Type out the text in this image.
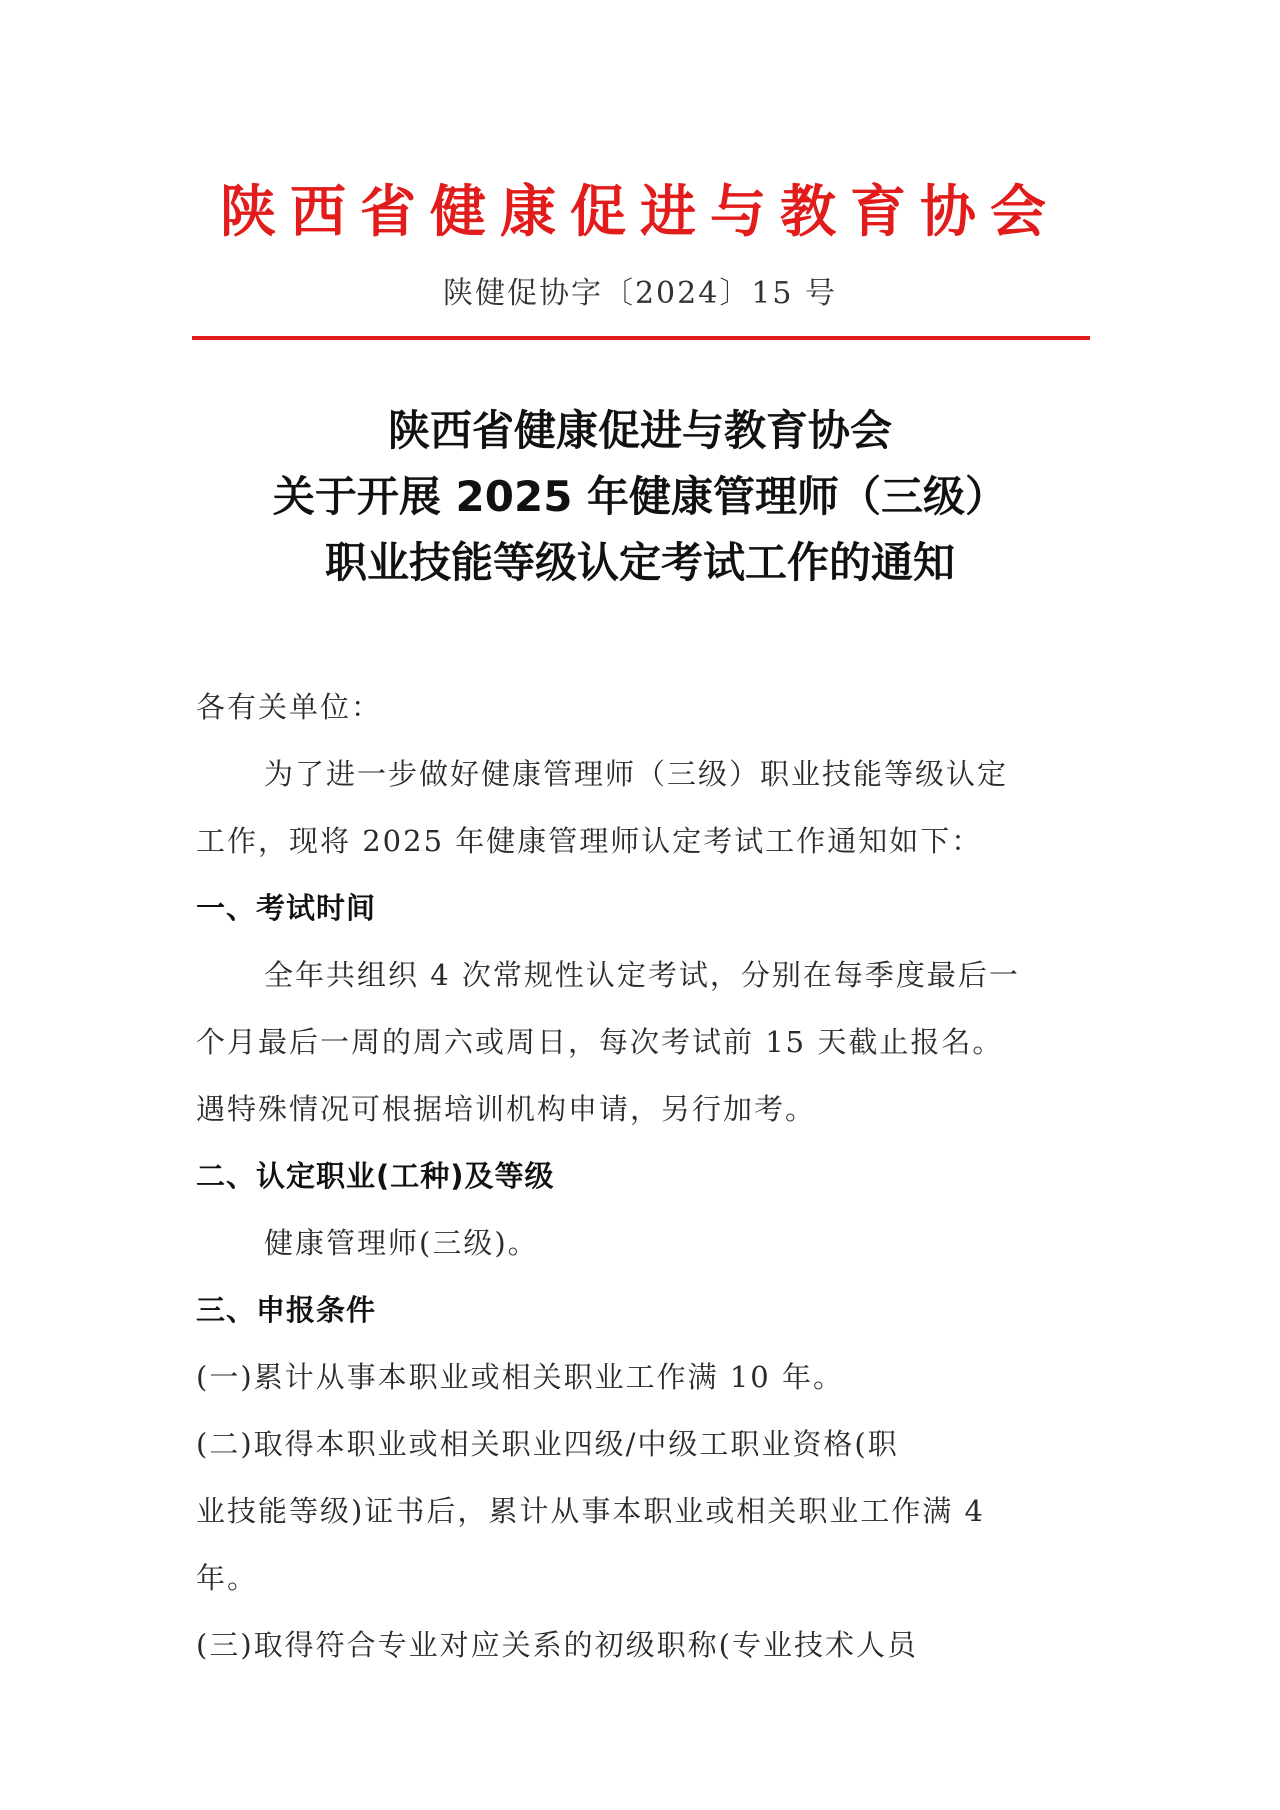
陕西省健康促进与教育协会
陕健促协字〔2024〕15 号
陕西省健康促进与教育协会
关于开展 2025 年健康管理师（三级）
职业技能等级认定考试工作的通知
各有关单位：
为了进一步做好健康管理师（三级）职业技能等级认定
工作，现将 2025 年健康管理师认定考试工作通知如下：
一、考试时间
全年共组织 4 次常规性认定考试，分别在每季度最后一
个月最后一周的周六或周日，每次考试前 15 天截止报名。
遇特殊情况可根据培训机构申请，另行加考。
二、认定职业(工种)及等级
健康管理师(三级)。
三、申报条件
(一)累计从事本职业或相关职业工作满 10 年。
(二)取得本职业或相关职业四级/中级工职业资格(职
业技能等级)证书后，累计从事本职业或相关职业工作满 4
年。
(三)取得符合专业对应关系的初级职称(专业技术人员
